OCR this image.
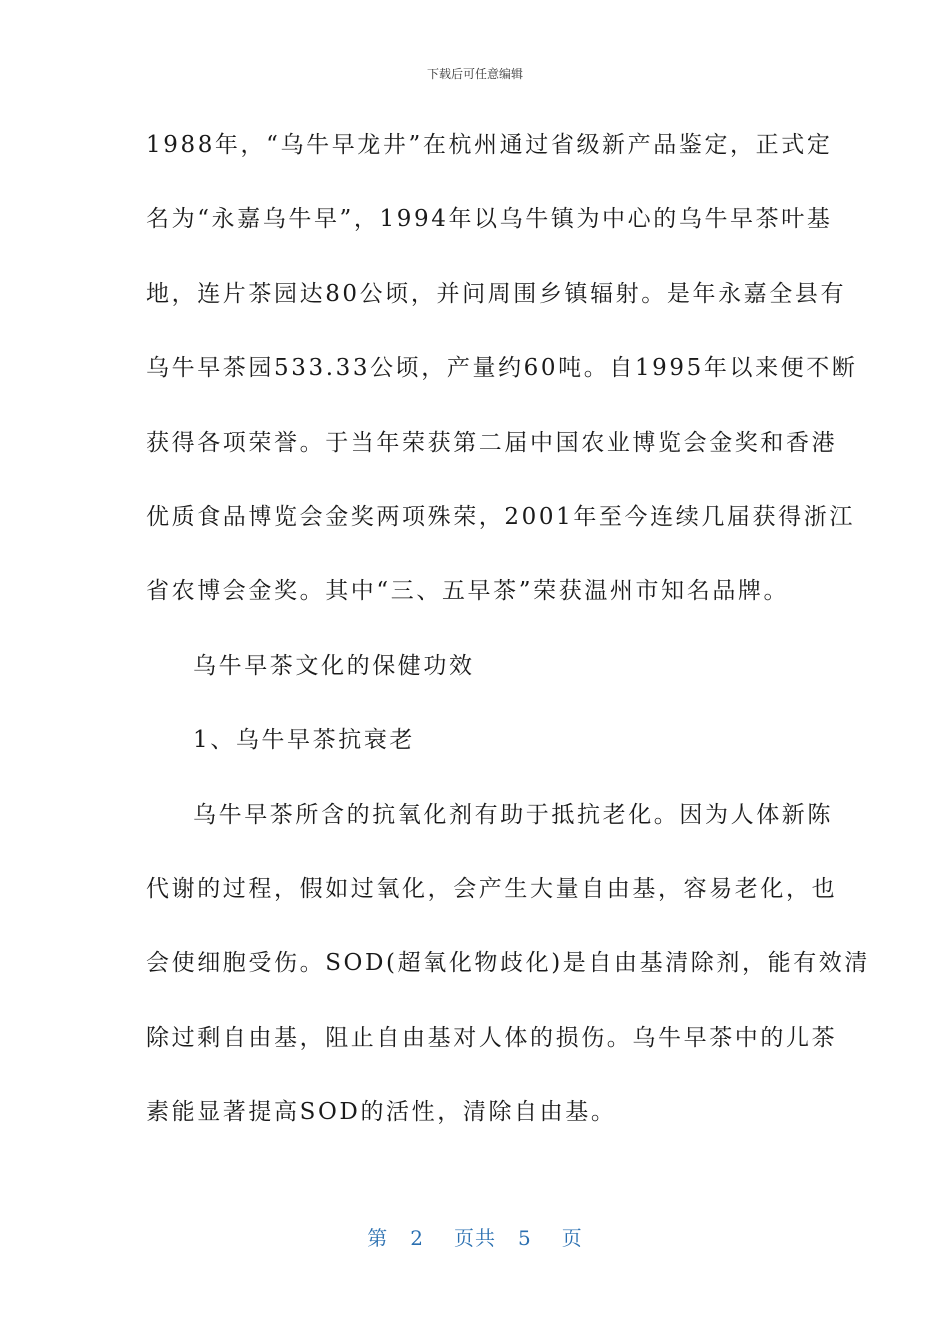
下载后可任意编辑

1988年，“乌牛早龙井”在杭州通过省级新产品鉴定，正式定
名为“永嘉乌牛早”，1994年以乌牛镇为中心的乌牛早茶叶基
地，连片茶园达80公顷，并问周围乡镇辐射。是年永嘉全县有
乌牛早茶园533.33公顷，产量约60吨。自1995年以来便不断
获得各项荣誉。于当年荣获第二届中国农业博览会金奖和香港
优质食品博览会金奖两项殊荣，2001年至今连续几届获得浙江
省农博会金奖。其中“三、五早茶”荣获温州市知名品牌。

乌牛早茶文化的保健功效

1、乌牛早茶抗衰老

乌牛早茶所含的抗氧化剂有助于抵抗老化。因为人体新陈
代谢的过程，假如过氧化，会产生大量自由基，容易老化，也
会使细胞受伤。SOD(超氧化物歧化)是自由基清除剂，能有效清
除过剩自由基，阻止自由基对人体的损伤。乌牛早茶中的儿茶
素能显著提高SOD的活性，清除自由基。

第 2 页共 5 页
